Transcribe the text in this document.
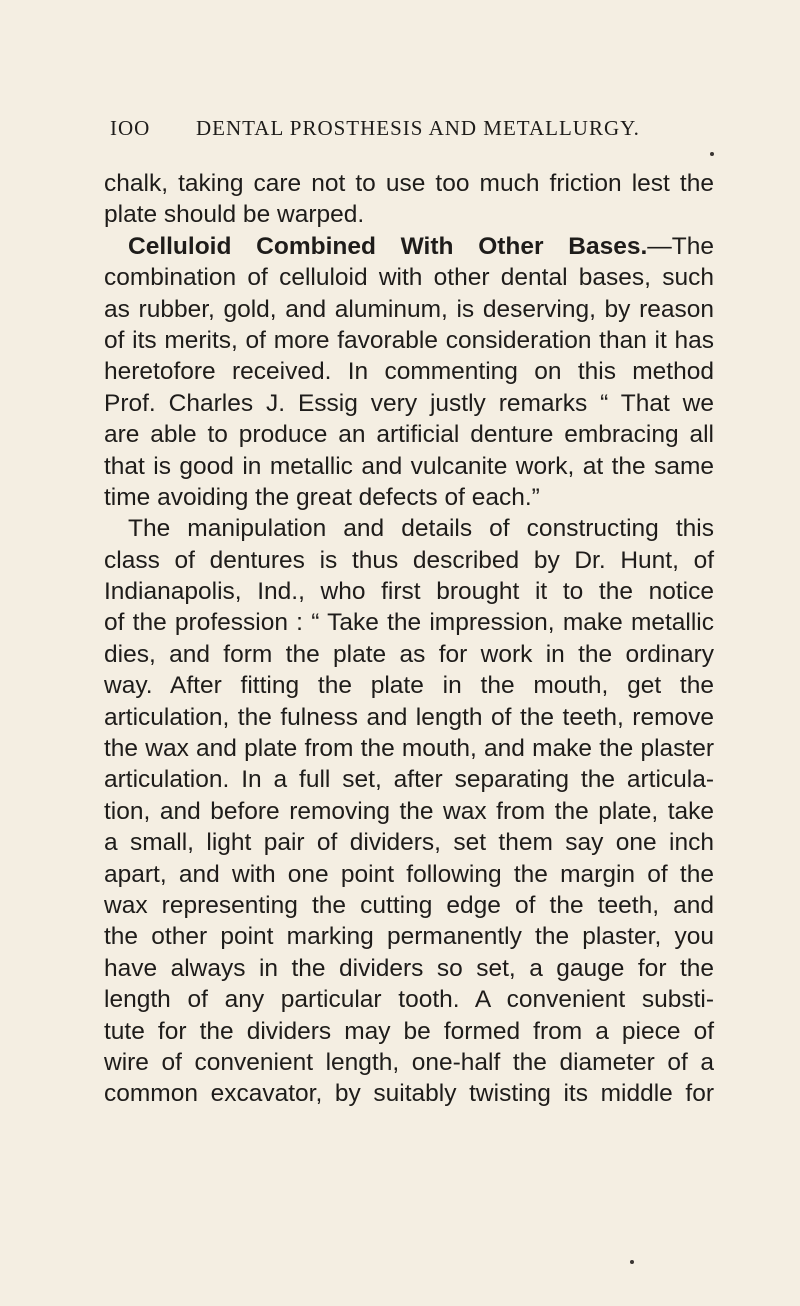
IOO DENTAL PROSTHESIS AND METALLURGY.
chalk, taking care not to use too much friction lest the
plate should be warped.
Celluloid Combined With Other Bases.—The
combination of celluloid with other dental bases, such
as rubber, gold, and aluminum, is deserving, by reason
of its merits, of more favorable consideration than it has
heretofore received. In commenting on this method
Prof. Charles J. Essig very justly remarks “ That we
are able to produce an artificial denture embracing all
that is good in metallic and vulcanite work, at the same
time avoiding the great defects of each.”
The manipulation and details of constructing this
class of dentures is thus described by Dr. Hunt, of
Indianapolis, Ind., who first brought it to the notice
of the profession : “ Take the impression, make metallic
dies, and form the plate as for work in the ordinary
way. After fitting the plate in the mouth, get the
articulation, the fulness and length of the teeth, remove
the wax and plate from the mouth, and make the plaster
articulation. In a full set, after separating the articula-
tion, and before removing the wax from the plate, take
a small, light pair of dividers, set them say one inch
apart, and with one point following the margin of the
wax representing the cutting edge of the teeth, and
the other point marking permanently the plaster, you
have always in the dividers so set, a gauge for the
length of any particular tooth. A convenient substi-
tute for the dividers may be formed from a piece of
wire of convenient length, one-half the diameter of a
common excavator, by suitably twisting its middle for
